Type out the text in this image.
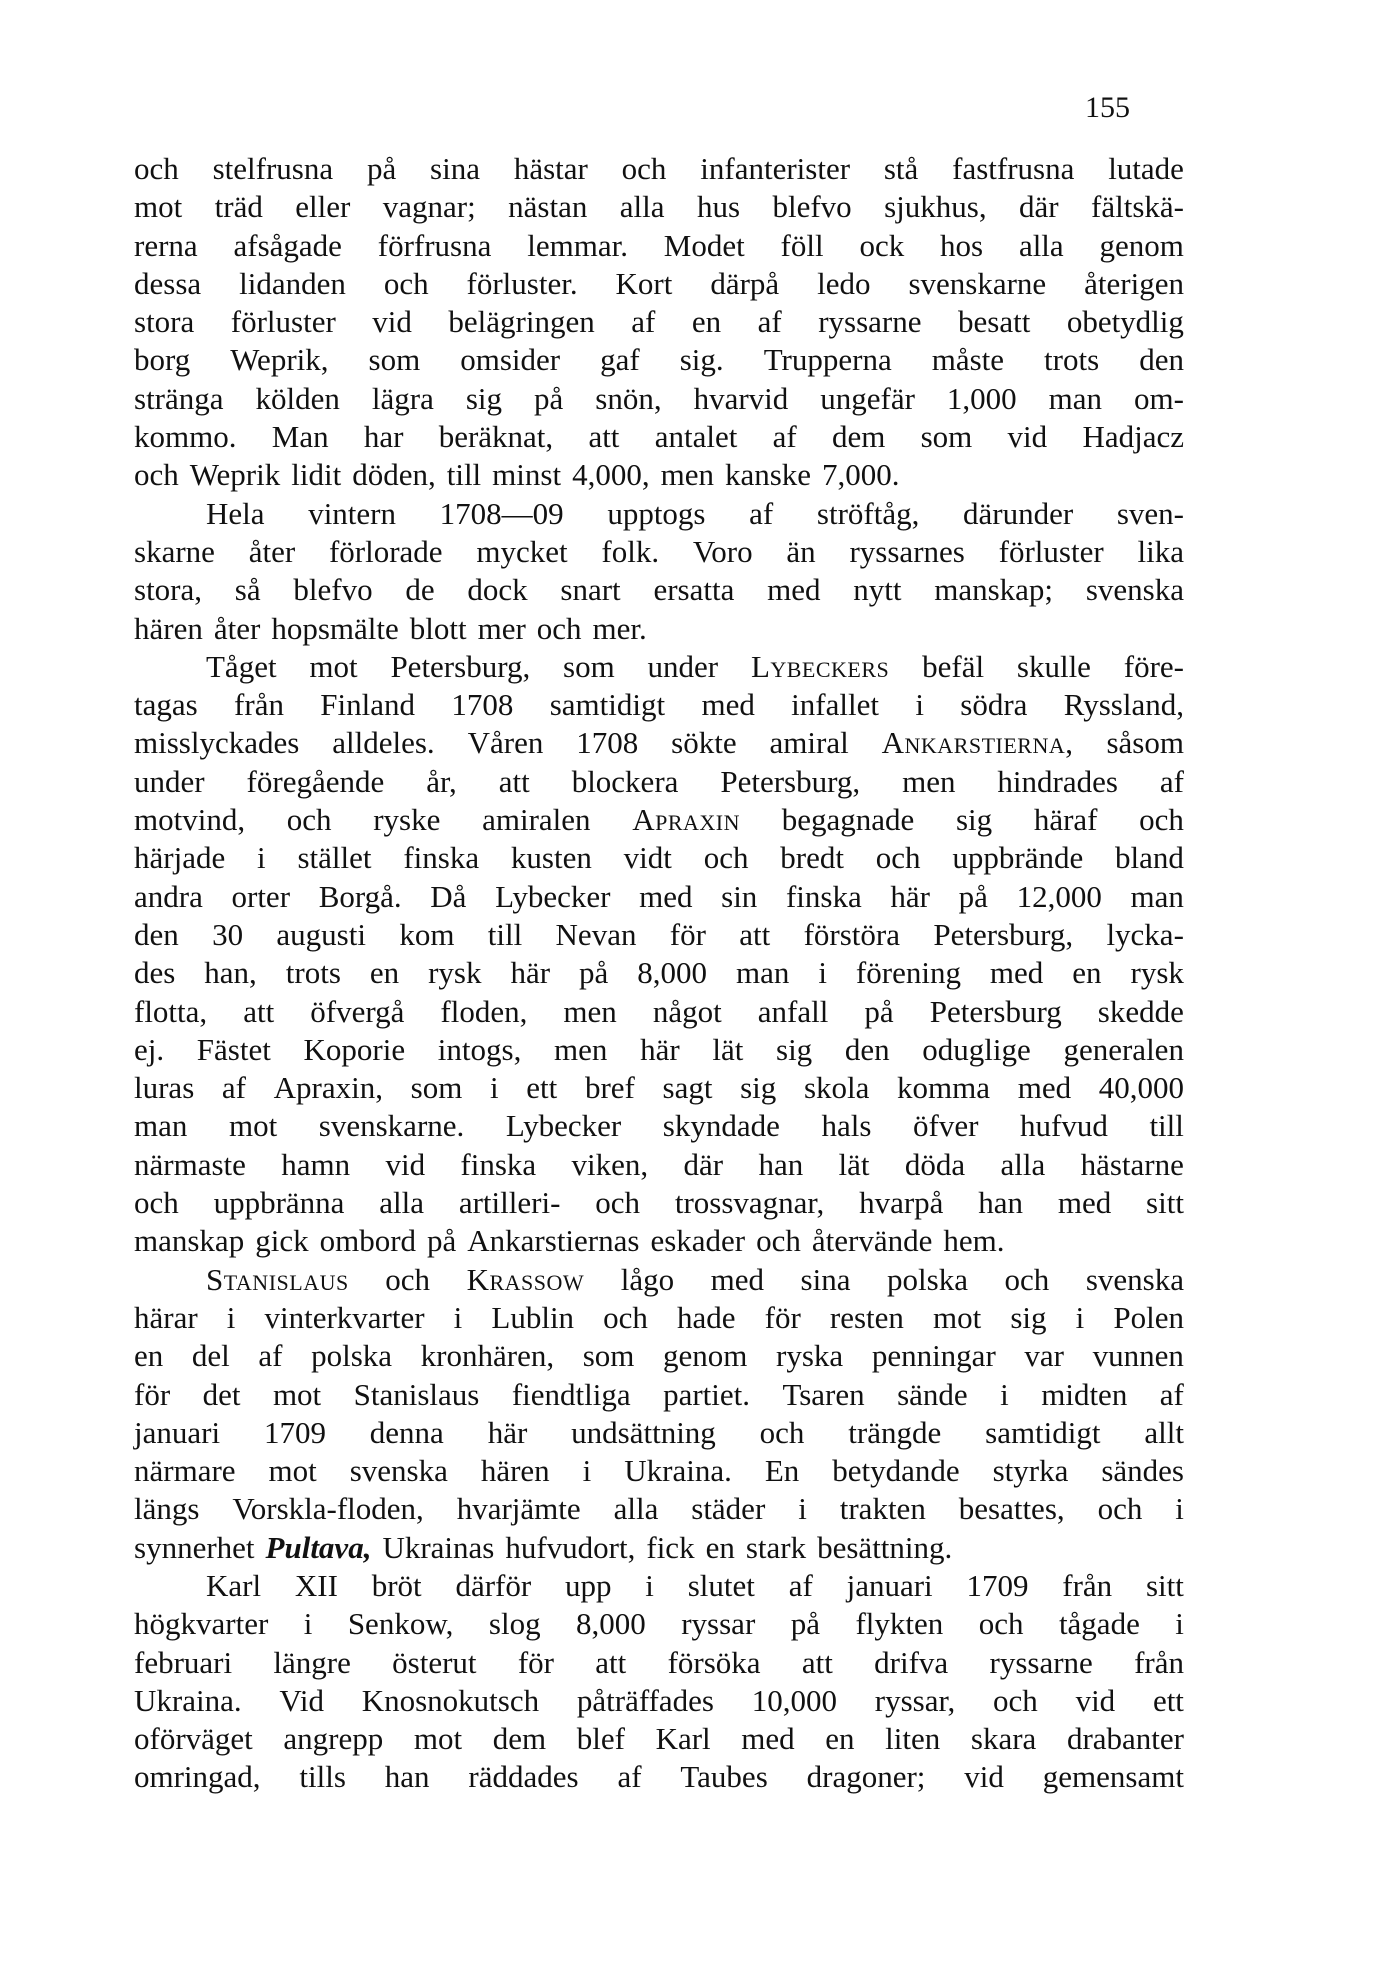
155
och stelfrusna på sina hästar och infanterister stå fastfrusna lutade
mot träd eller vagnar; nästan alla hus blefvo sjukhus, där fältskä-
rerna afsågade förfrusna lemmar. Modet föll ock hos alla genom
dessa lidanden och förluster. Kort därpå ledo svenskarne återigen
stora förluster vid belägringen af en af ryssarne besatt obetydlig
borg Weprik, som omsider gaf sig. Trupperna måste trots den
stränga kölden lägra sig på snön, hvarvid ungefär 1,000 man om-
kommo. Man har beräknat, att antalet af dem som vid Hadjacz
och Weprik lidit döden, till minst 4,000, men kanske 7,000.
Hela vintern 1708—09 upptogs af ströftåg, därunder sven-
skarne åter förlorade mycket folk. Voro än ryssarnes förluster lika
stora, så blefvo de dock snart ersatta med nytt manskap; svenska
hären åter hopsmälte blott mer och mer.
Tåget mot Petersburg, som under Lybeckers befäl skulle före-
tagas från Finland 1708 samtidigt med infallet i södra Ryssland,
misslyckades alldeles. Våren 1708 sökte amiral Ankarstierna, såsom
under föregående år, att blockera Petersburg, men hindrades af
motvind, och ryske amiralen Apraxin begagnade sig häraf och
härjade i stället finska kusten vidt och bredt och uppbrände bland
andra orter Borgå. Då Lybecker med sin finska här på 12,000 man
den 30 augusti kom till Nevan för att förstöra Petersburg, lycka-
des han, trots en rysk här på 8,000 man i förening med en rysk
flotta, att öfvergå floden, men något anfall på Petersburg skedde
ej. Fästet Koporie intogs, men här lät sig den oduglige generalen
luras af Apraxin, som i ett bref sagt sig skola komma med 40,000
man mot svenskarne. Lybecker skyndade hals öfver hufvud till
närmaste hamn vid finska viken, där han lät döda alla hästarne
och uppbränna alla artilleri- och trossvagnar, hvarpå han med sitt
manskap gick ombord på Ankarstiernas eskader och återvände hem.
Stanislaus och Krassow lågo med sina polska och svenska
härar i vinterkvarter i Lublin och hade för resten mot sig i Polen
en del af polska kronhären, som genom ryska penningar var vunnen
för det mot Stanislaus fiendtliga partiet. Tsaren sände i midten af
januari 1709 denna här undsättning och trängde samtidigt allt
närmare mot svenska hären i Ukraina. En betydande styrka sändes
längs Vorskla-floden, hvarjämte alla städer i trakten besattes, och i
synnerhet Pultava, Ukrainas hufvudort, fick en stark besättning.
Karl XII bröt därför upp i slutet af januari 1709 från sitt
högkvarter i Senkow, slog 8,000 ryssar på flykten och tågade i
februari längre österut för att försöka att drifva ryssarne från
Ukraina. Vid Knosnokutsch påträffades 10,000 ryssar, och vid ett
oförväget angrepp mot dem blef Karl med en liten skara drabanter
omringad, tills han räddades af Taubes dragoner; vid gemensamt
